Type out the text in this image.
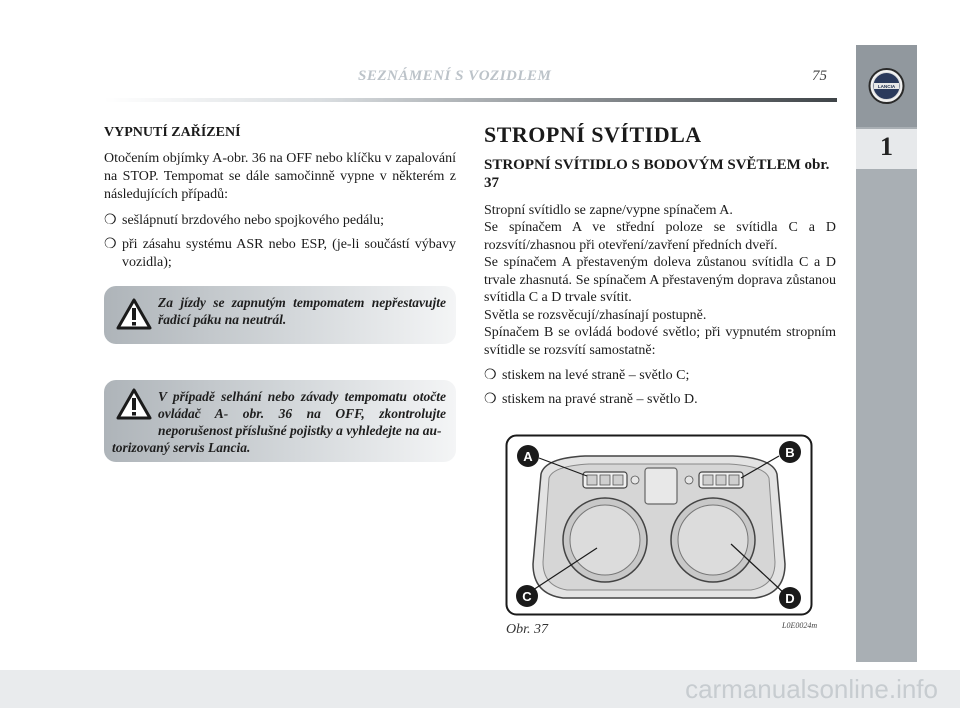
SEZNÁMENÍ S VOZIDLEM	75
LANCIA
1
VYPNUTÍ ZAŘÍZENÍ

Otočením objímky A-obr. 36 na OFF nebo klíčku v zapalování na STOP. Tempomat se dále samočinně vypne v některém z následujících případů:

❍ sešlápnutí brzdového nebo spojkového pedálu;
❍ při zásahu systému ASR nebo ESP, (je-li součástí výbavy vozidla);
Za jízdy se zapnutým tempomatem nepřestavujte řadicí páku na neutrál.
V případě selhání nebo závady tempomatu otočte ovládač A- obr. 36 na OFF, zkontrolujte neporušenost příslušné pojistky a vyhledejte na au-
torizovaný servis Lancia.
STROPNÍ SVÍTIDLA
STROPNÍ SVÍTIDLO S BODOVÝM SVĚTLEM obr. 37
Stropní svítidlo se zapne/vypne spínačem A.
Se spínačem A ve střední poloze se svítidla C a D rozsvítí/zhasnou při otevření/zavření předních dveří.
Se spínačem A přestaveným doleva zůstanou svítidla C a D trvale zhasnutá. Se spínačem A přestaveným doprava zůstanou svítidla C a D trvale svítit.
Světla se rozsvěcují/zhasínají postupně.
Spínačem B se ovládá bodové světlo; při vypnutém stropním svítidle se rozsvítí samostatně:
❍ stiskem na levé straně – světlo C;
❍ stiskem na pravé straně – světlo D.
A	B
C	D
Obr. 37	L0E0024m
carmanualsonline.info
